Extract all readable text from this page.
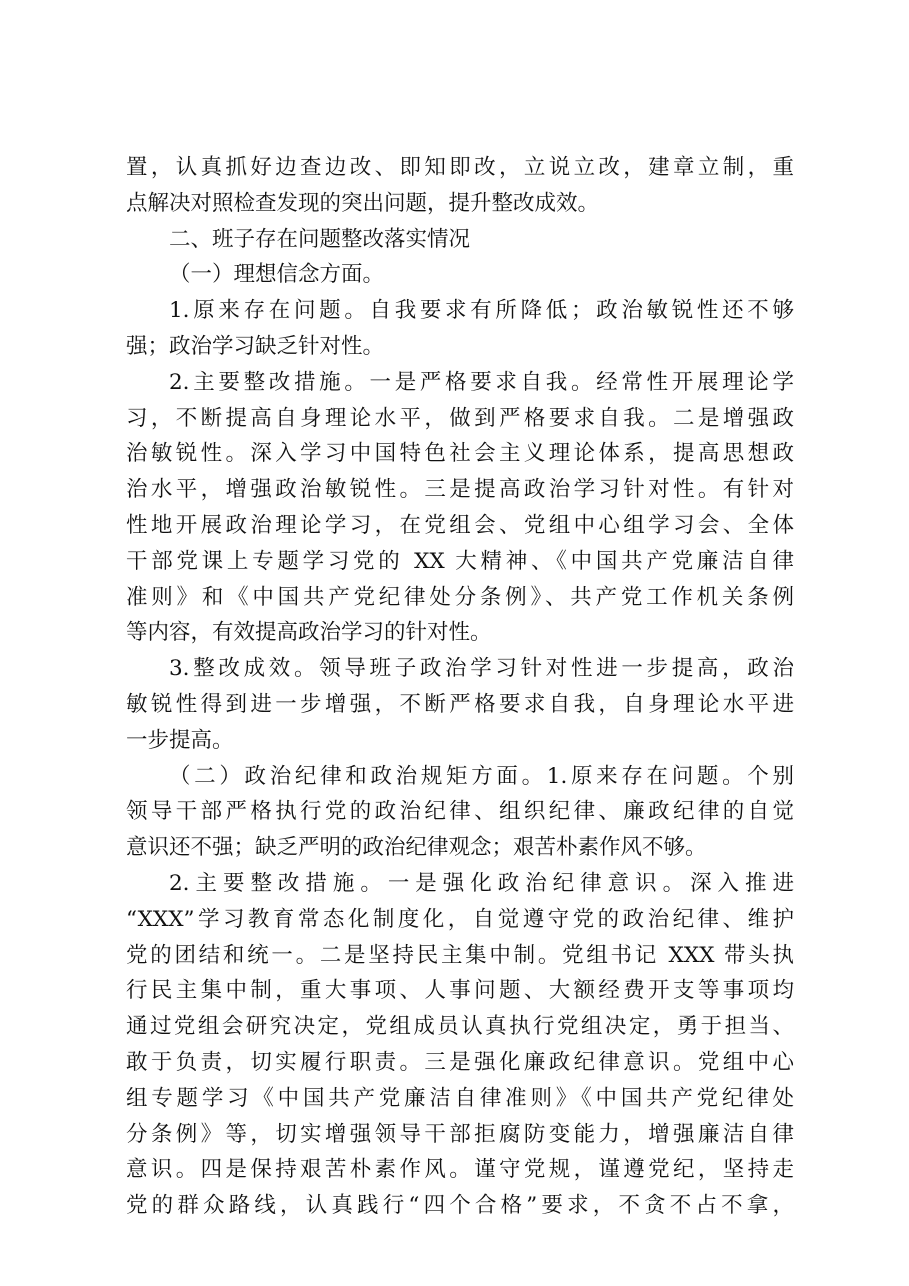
置，认真抓好边查边改、即知即改，立说立改，建章立制，重
点解决对照检查发现的突出问题，提升整改成效。
二、班子存在问题整改落实情况
（一）理想信念方面。
1.原来存在问题。自我要求有所降低；政治敏锐性还不够
强；政治学习缺乏针对性。
2.主要整改措施。一是严格要求自我。经常性开展理论学
习，不断提高自身理论水平，做到严格要求自我。二是增强政
治敏锐性。深入学习中国特色社会主义理论体系，提高思想政
治水平，增强政治敏锐性。三是提高政治学习针对性。有针对
性地开展政治理论学习，在党组会、党组中心组学习会、全体
干部党课上专题学习党的 XX 大精神、《中国共产党廉洁自律
准则》和《中国共产党纪律处分条例》、共产党工作机关条例
等内容，有效提高政治学习的针对性。
3.整改成效。领导班子政治学习针对性进一步提高，政治
敏锐性得到进一步增强，不断严格要求自我，自身理论水平进
一步提高。
（二）政治纪律和政治规矩方面。1.原来存在问题。个别
领导干部严格执行党的政治纪律、组织纪律、廉政纪律的自觉
意识还不强；缺乏严明的政治纪律观念；艰苦朴素作风不够。
2.主要整改措施。一是强化政治纪律意识。深入推进
“XXX”学习教育常态化制度化，自觉遵守党的政治纪律、维护
党的团结和统一。二是坚持民主集中制。党组书记 XXX 带头执
行民主集中制，重大事项、人事问题、大额经费开支等事项均
通过党组会研究决定，党组成员认真执行党组决定，勇于担当、
敢于负责，切实履行职责。三是强化廉政纪律意识。党组中心
组专题学习《中国共产党廉洁自律准则》《中国共产党纪律处
分条例》等，切实增强领导干部拒腐防变能力，增强廉洁自律
意识。四是保持艰苦朴素作风。谨守党规，谨遵党纪，坚持走
党的群众路线，认真践行“四个合格”要求，不贪不占不拿，
